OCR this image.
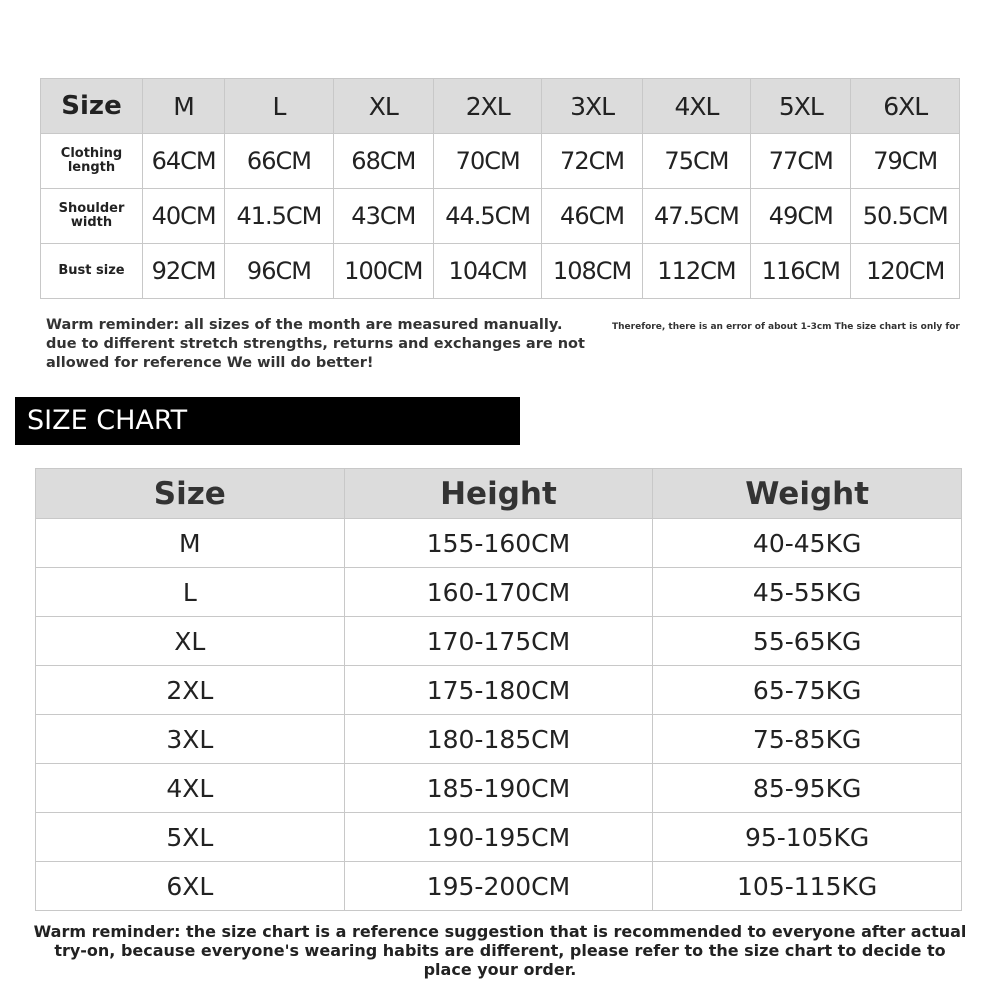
Size	M	L	XL	2XL	3XL	4XL	5XL	6XL
Clothing length	64CM	66CM	68CM	70CM	72CM	75CM	77CM	79CM
Shoulder width	40CM	41.5CM	43CM	44.5CM	46CM	47.5CM	49CM	50.5CM
Bust size	92CM	96CM	100CM	104CM	108CM	112CM	116CM	120CM
Warm reminder: all sizes of the month are measured manually. due to different stretch strengths, returns and exchanges are not allowed for reference We will do better!
Therefore, there is an error of about 1-3cm The size chart is only for
SIZE CHART
Size	Height	Weight
M	155-160CM	40-45KG
L	160-170CM	45-55KG
XL	170-175CM	55-65KG
2XL	175-180CM	65-75KG
3XL	180-185CM	75-85KG
4XL	185-190CM	85-95KG
5XL	190-195CM	95-105KG
6XL	195-200CM	105-115KG
Warm reminder: the size chart is a reference suggestion that is recommended to everyone after actual try-on, because everyone's wearing habits are different, please refer to the size chart to decide to place your order.
